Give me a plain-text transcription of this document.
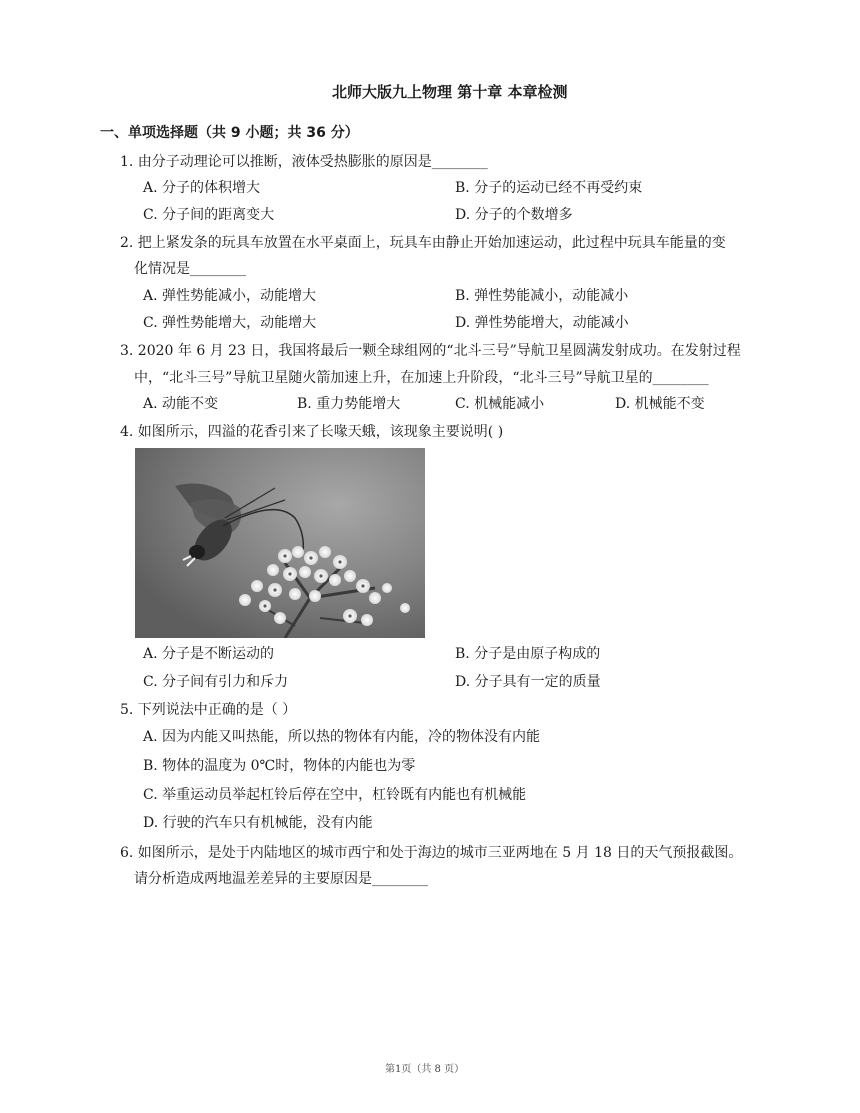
北师大版九上物理 第十章 本章检测
一、单项选择题（共 9 小题；共 36 分）
1. 由分子动理论可以推断，液体受热膨胀的原因是________
A. 分子的体积增大	B. 分子的运动已经不再受约束
C. 分子间的距离变大	D. 分子的个数增多
2. 把上紧发条的玩具车放置在水平桌面上，玩具车由静止开始加速运动，此过程中玩具车能量的变
化情况是________
A. 弹性势能减小，动能增大	B. 弹性势能减小，动能减小
C. 弹性势能增大，动能增大	D. 弹性势能增大，动能减小
3. 2020 年 6 月 23 日，我国将最后一颗全球组网的“北斗三号”导航卫星圆满发射成功。在发射过程
中，“北斗三号”导航卫星随火箭加速上升，在加速上升阶段，“北斗三号”导航卫星的________
A. 动能不变	B. 重力势能增大	C. 机械能减小	D. 机械能不变
4. 如图所示，四溢的花香引来了长喙天蛾，该现象主要说明( )
A. 分子是不断运动的	B. 分子是由原子构成的
C. 分子间有引力和斥力	D. 分子具有一定的质量
5. 下列说法中正确的是（ ）
A. 因为内能又叫热能，所以热的物体有内能，冷的物体没有内能
B. 物体的温度为 0℃时，物体的内能也为零
C. 举重运动员举起杠铃后停在空中，杠铃既有内能也有机械能
D. 行驶的汽车只有机械能，没有内能
6. 如图所示，是处于内陆地区的城市西宁和处于海边的城市三亚两地在 5 月 18 日的天气预报截图。
请分析造成两地温差差异的主要原因是________
第1页（共 8 页）
